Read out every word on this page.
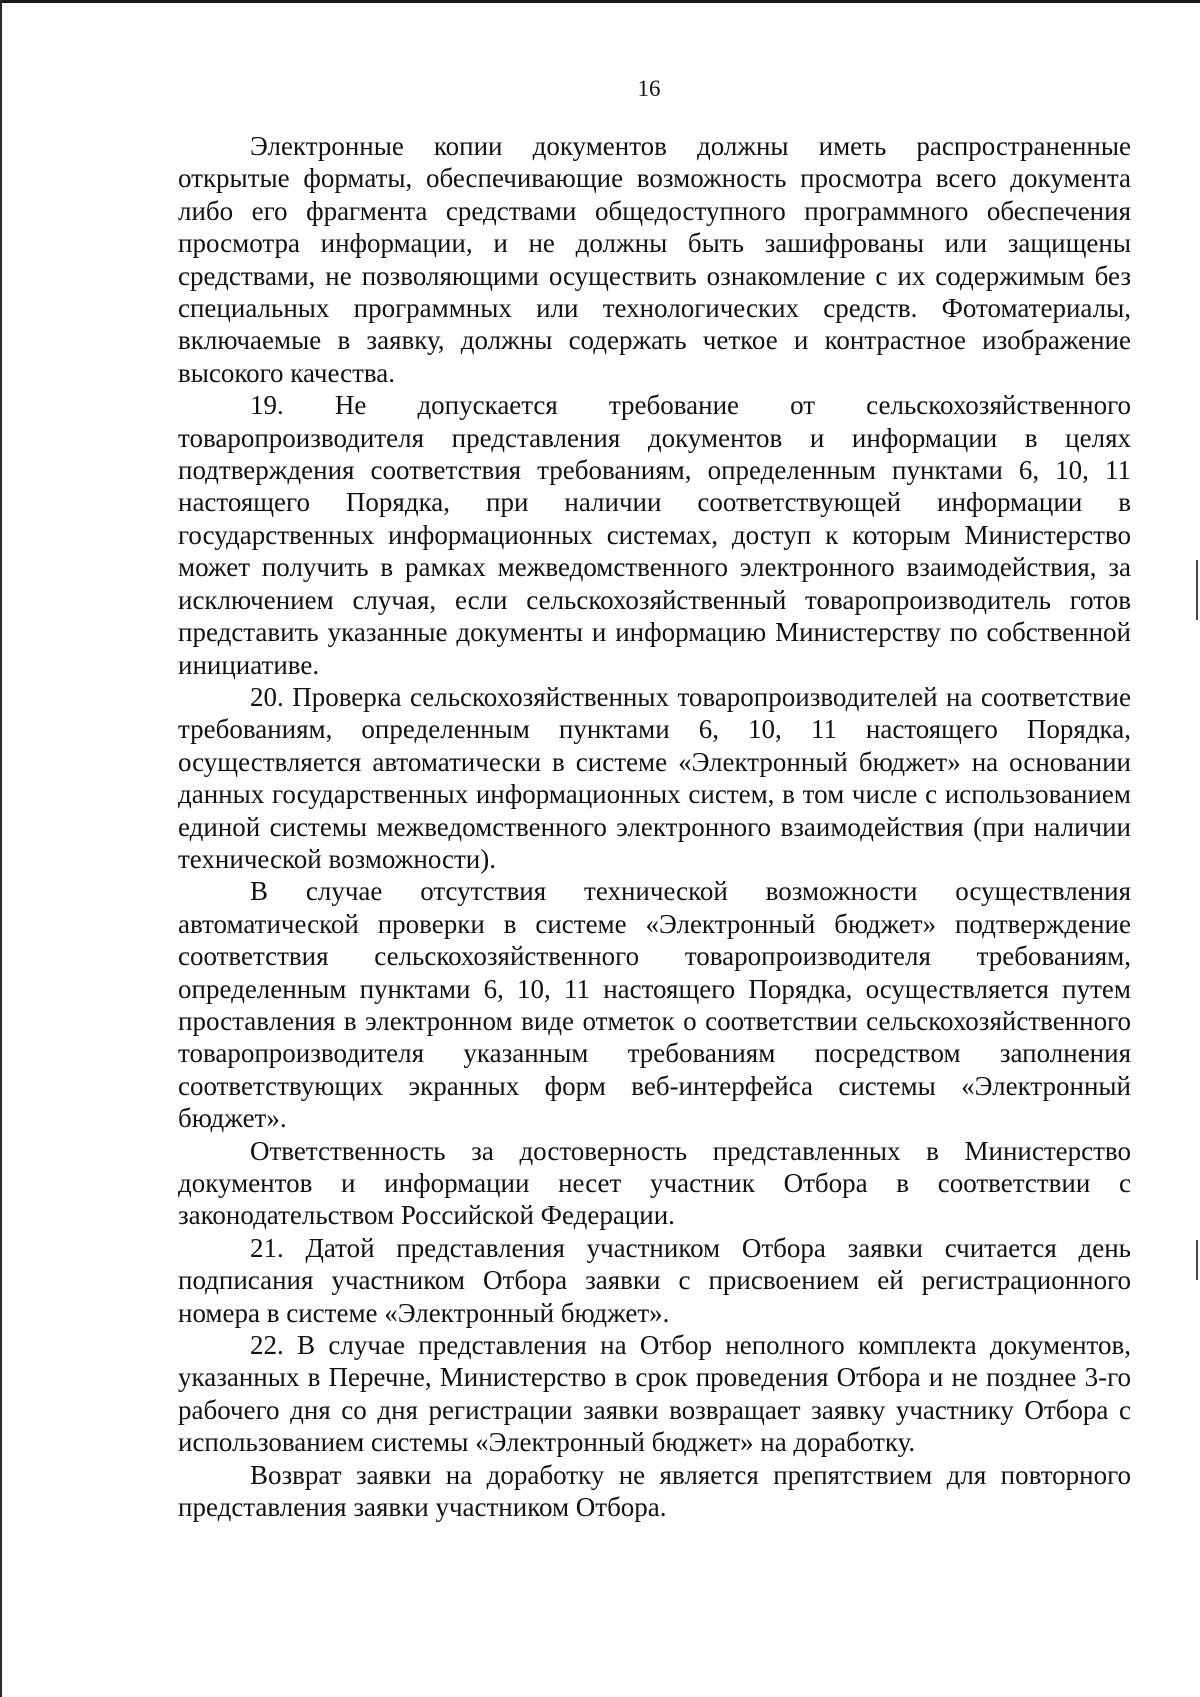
16

Электронные копии документов должны иметь распространенные открытые форматы, обеспечивающие возможность просмотра всего документа либо его фрагмента средствами общедоступного программного обеспечения просмотра информации, и не должны быть зашифрованы или защищены средствами, не позволяющими осуществить ознакомление с их содержимым без специальных программных или технологических средств. Фотоматериалы, включаемые в заявку, должны содержать четкое и контрастное изображение высокого качества.

19. Не допускается требование от сельскохозяйственного товаропроизводителя представления документов и информации в целях подтверждения соответствия требованиям, определенным пунктами 6, 10, 11 настоящего Порядка, при наличии соответствующей информации в государственных информационных системах, доступ к которым Министерство может получить в рамках межведомственного электронного взаимодействия, за исключением случая, если сельскохозяйственный товаропроизводитель готов представить указанные документы и информацию Министерству по собственной инициативе.

20. Проверка сельскохозяйственных товаропроизводителей на соответствие требованиям, определенным пунктами 6, 10, 11 настоящего Порядка, осуществляется автоматически в системе «Электронный бюджет» на основании данных государственных информационных систем, в том числе с использованием единой системы межведомственного электронного взаимодействия (при наличии технической возможности).

В случае отсутствия технической возможности осуществления автоматической проверки в системе «Электронный бюджет» подтверждение соответствия сельскохозяйственного товаропроизводителя требованиям, определенным пунктами 6, 10, 11 настоящего Порядка, осуществляется путем проставления в электронном виде отметок о соответствии сельскохозяйственного товаропроизводителя указанным требованиям посредством заполнения соответствующих экранных форм веб-интерфейса системы «Электронный бюджет».

Ответственность за достоверность представленных в Министерство документов и информации несет участник Отбора в соответствии с законодательством Российской Федерации.

21. Датой представления участником Отбора заявки считается день подписания участником Отбора заявки с присвоением ей регистрационного номера в системе «Электронный бюджет».

22. В случае представления на Отбор неполного комплекта документов, указанных в Перечне, Министерство в срок проведения Отбора и не позднее 3-го рабочего дня со дня регистрации заявки возвращает заявку участнику Отбора с использованием системы «Электронный бюджет» на доработку.

Возврат заявки на доработку не является препятствием для повторного представления заявки участником Отбора.
